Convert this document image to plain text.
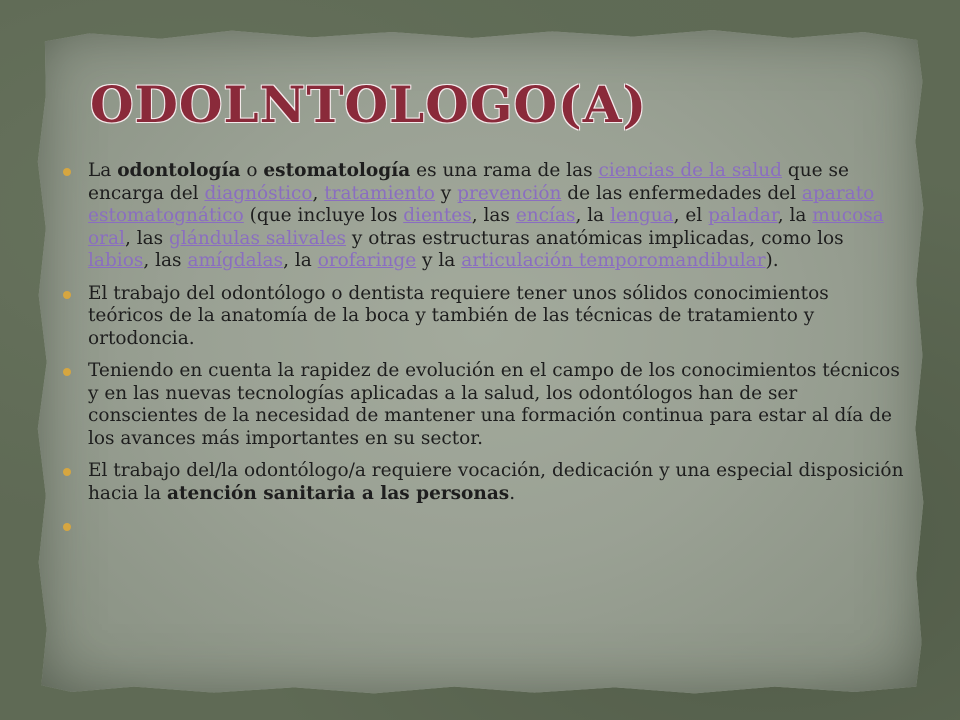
ODOLNTOLOGO(A)
La odontología o estomatología es una rama de las ciencias de la salud que se encarga del diagnóstico, tratamiento y prevención de las enfermedades del aparato estomatognático (que incluye los dientes, las encías, la lengua, el paladar, la mucosa oral, las glándulas salivales y otras estructuras anatómicas implicadas, como los labios, las amígdalas, la orofaringe y la articulación temporomandibular).
El trabajo del odontólogo o dentista requiere tener unos sólidos conocimientos teóricos de la anatomía de la boca y también de las técnicas de tratamiento y ortodoncia.
Teniendo en cuenta la rapidez de evolución en el campo de los conocimientos técnicos y en las nuevas tecnologías aplicadas a la salud, los odontólogos han de ser conscientes de la necesidad de mantener una formación continua para estar al día de los avances más importantes en su sector.
El trabajo del/la odontólogo/a requiere vocación, dedicación y una especial disposición hacia la atención sanitaria a las personas.
